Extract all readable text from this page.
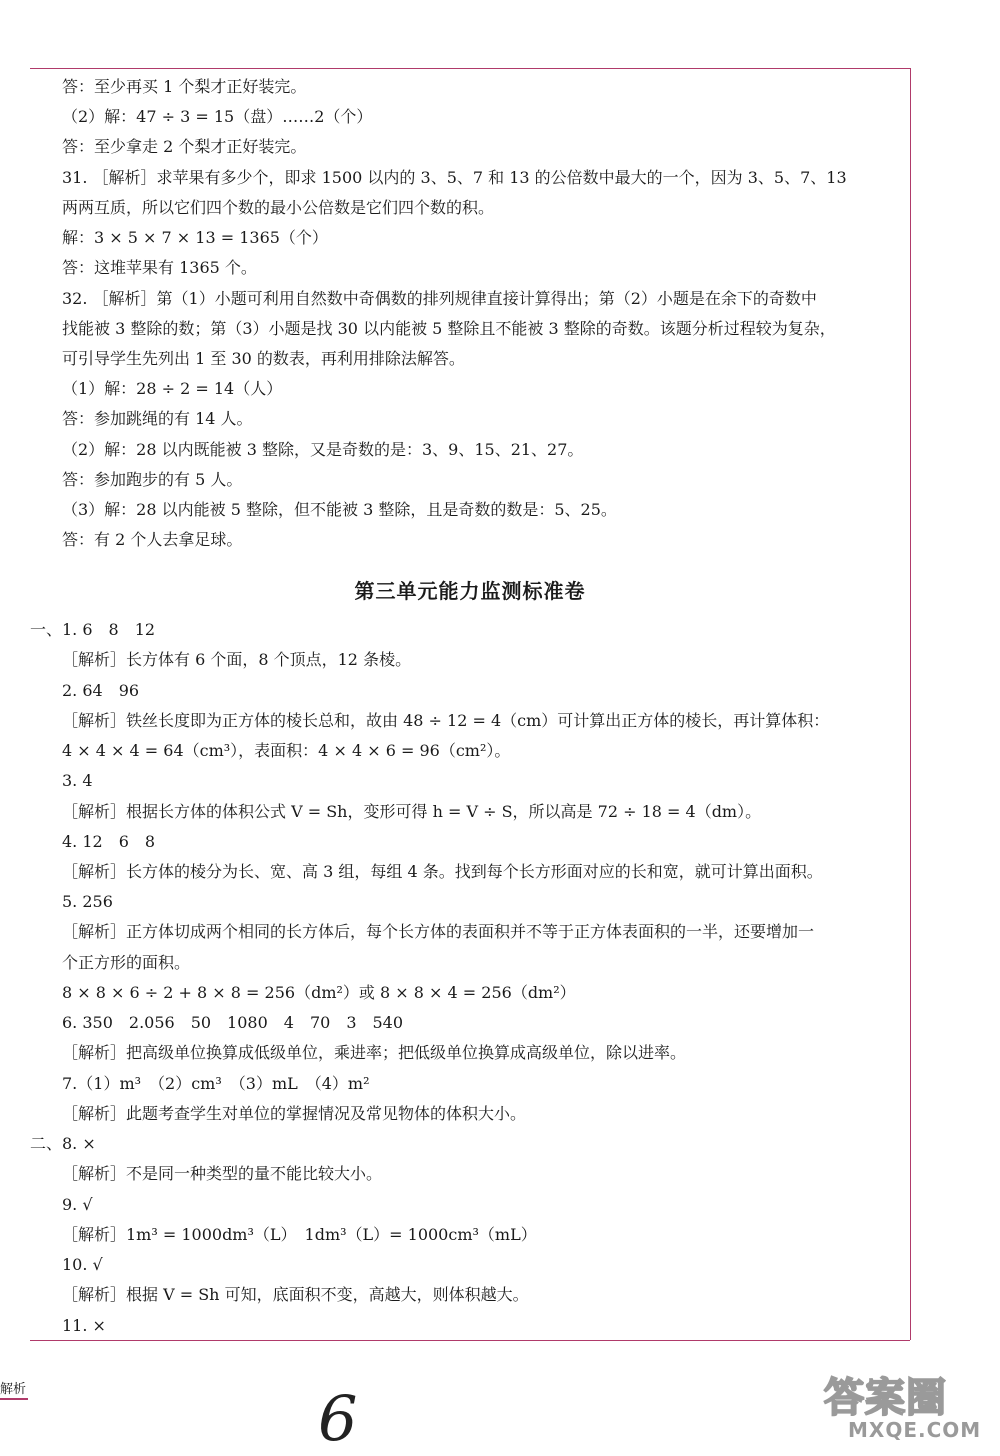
答：至少再买 1 个梨才正好装完。
（2）解：47 ÷ 3 = 15（盘）……2（个）
答：至少拿走 2 个梨才正好装完。
31. ［解析］求苹果有多少个，即求 1500 以内的 3、5、7 和 13 的公倍数中最大的一个，因为 3、5、7、13
两两互质，所以它们四个数的最小公倍数是它们四个数的积。
解：3 × 5 × 7 × 13 = 1365（个）
答：这堆苹果有 1365 个。
32. ［解析］第（1）小题可利用自然数中奇偶数的排列规律直接计算得出；第（2）小题是在余下的奇数中
找能被 3 整除的数；第（3）小题是找 30 以内能被 5 整除且不能被 3 整除的奇数。该题分析过程较为复杂，
可引导学生先列出 1 至 30 的数表，再利用排除法解答。
（1）解：28 ÷ 2 = 14（人）
答：参加跳绳的有 14 人。
（2）解：28 以内既能被 3 整除，又是奇数的是：3、9、15、21、27。
答：参加跑步的有 5 人。
（3）解：28 以内能被 5 整除，但不能被 3 整除，且是奇数的数是：5、25。
答：有 2 个人去拿足球。
第三单元能力监测标准卷
一、1. 6　8　12
［解析］长方体有 6 个面，8 个顶点，12 条棱。
2. 64　96
［解析］铁丝长度即为正方体的棱长总和，故由 48 ÷ 12 = 4（cm）可计算出正方体的棱长，再计算体积：
4 × 4 × 4 = 64（cm³），表面积：4 × 4 × 6 = 96（cm²）。
3. 4
［解析］根据长方体的体积公式 V = Sh，变形可得 h = V ÷ S，所以高是 72 ÷ 18 = 4（dm）。
4. 12　6　8
［解析］长方体的棱分为长、宽、高 3 组，每组 4 条。找到每个长方形面对应的长和宽，就可计算出面积。
5. 256
［解析］正方体切成两个相同的长方体后，每个长方体的表面积并不等于正方体表面积的一半，还要增加一
个正方形的面积。
8 × 8 × 6 ÷ 2 + 8 × 8 = 256（dm²）或 8 × 8 × 4 = 256（dm²）
6. 350　2.056　50　1080　4　70　3　540
［解析］把高级单位换算成低级单位，乘进率；把低级单位换算成高级单位，除以进率。
7.（1）m³　（2）cm³　（3）mL　（4）m²
［解析］此题考查学生对单位的掌握情况及常见物体的体积大小。
二、8. ×
［解析］不是同一种类型的量不能比较大小。
9. √
［解析］1m³ = 1000dm³（L）　1dm³（L）= 1000cm³（mL）
10. √
［解析］根据 V = Sh 可知，底面积不变，高越大，则体积越大。
11. ×
解析	6	答案圈
MXQE.COM
